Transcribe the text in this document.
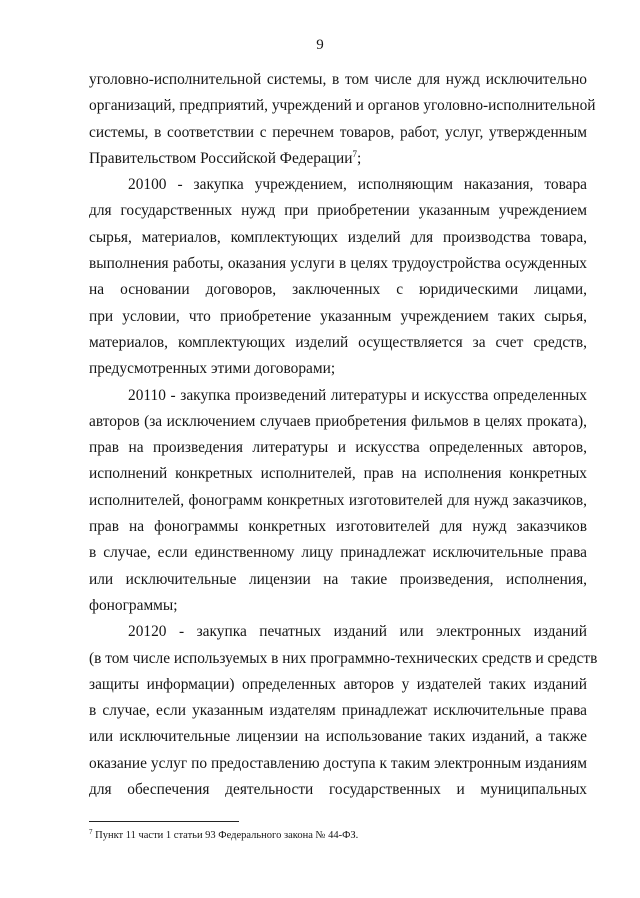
9
уголовно-исполнительной системы, в том числе для нужд исключительно
организаций, предприятий, учреждений и органов уголовно-исполнительной
системы, в соответствии с перечнем товаров, работ, услуг, утвержденным
Правительством Российской Федерации$^7$;
20100 - закупка учреждением, исполняющим наказания, товара
для государственных нужд при приобретении указанным учреждением
сырья, материалов, комплектующих изделий для производства товара,
выполнения работы, оказания услуги в целях трудоустройства осужденных
на основании договоров, заключенных с юридическими лицами,
при условии, что приобретение указанным учреждением таких сырья,
материалов, комплектующих изделий осуществляется за счет средств,
предусмотренных этими договорами;
20110 - закупка произведений литературы и искусства определенных
авторов (за исключением случаев приобретения фильмов в целях проката),
прав на произведения литературы и искусства определенных авторов,
исполнений конкретных исполнителей, прав на исполнения конкретных
исполнителей, фонограмм конкретных изготовителей для нужд заказчиков,
прав на фонограммы конкретных изготовителей для нужд заказчиков
в случае, если единственному лицу принадлежат исключительные права
или исключительные лицензии на такие произведения, исполнения,
фонограммы;
20120 - закупка печатных изданий или электронных изданий
(в том числе используемых в них программно-технических средств и средств
защиты информации) определенных авторов у издателей таких изданий
в случае, если указанным издателям принадлежат исключительные права
или исключительные лицензии на использование таких изданий, а также
оказание услуг по предоставлению доступа к таким электронным изданиям
для обеспечения деятельности государственных и муниципальных
$^7$ Пункт 11 части 1 статьи 93 Федерального закона № 44-ФЗ.
